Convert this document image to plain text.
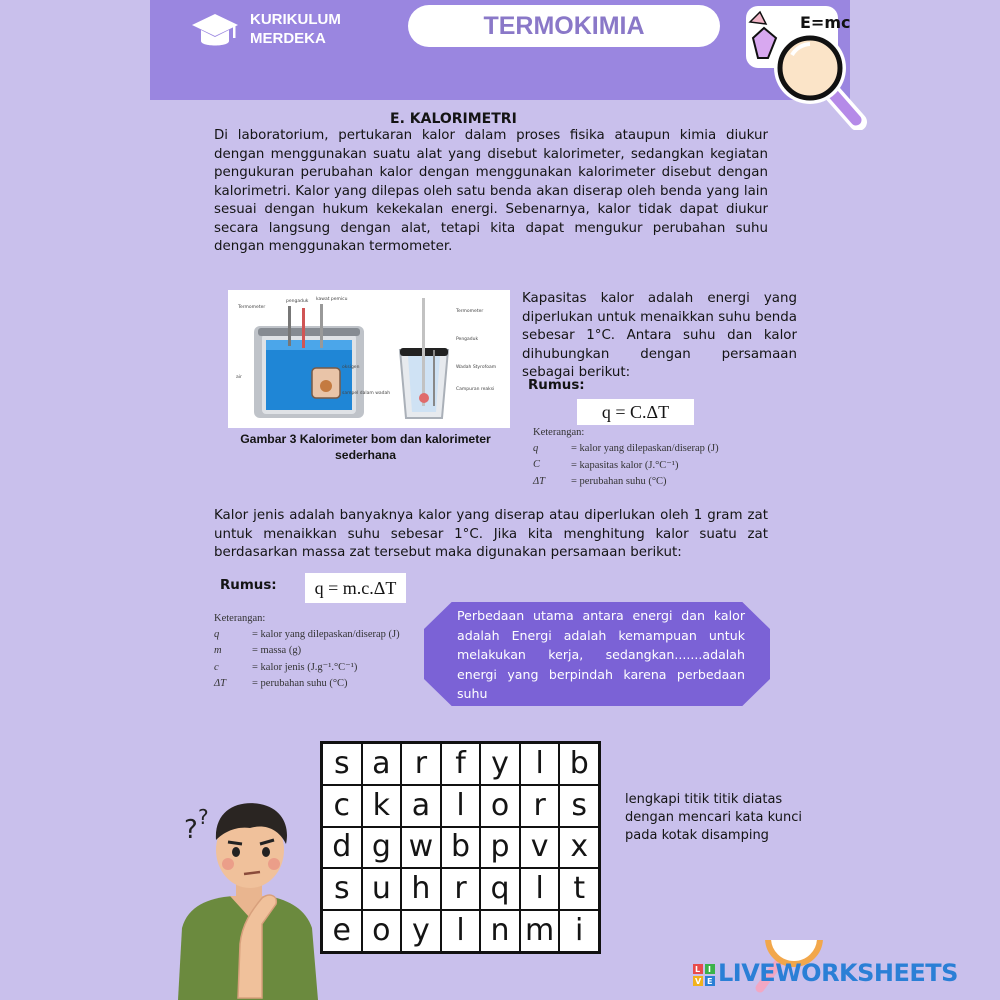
KURIKULUM
MERDEKA	TERMOKIMIA	E=mc
E. KALORIMETRI
Di laboratorium, pertukaran kalor dalam proses fisika ataupun kimia diukur dengan menggunakan suatu alat yang disebut kalorimeter, sedangkan kegiatan pengukuran perubahan kalor dengan menggunakan kalorimeter disebut dengan kalorimetri. Kalor yang dilepas oleh satu benda akan diserap oleh benda yang lain sesuai dengan hukum kekekalan energi. Sebenarnya, kalor tidak dapat diukur secara langsung dengan alat, tetapi kita dapat mengukur perubahan suhu dengan menggunakan termometer.
Termometer
pengaduk kawat pemicu
air
oksigen
sampel dalam wadah
Termometer
Pengaduk
Wadah Styrofoam
Campuran reaksi
Gambar 3 Kalorimeter bom dan kalorimeter sederhana
Kapasitas kalor adalah energi yang diperlukan untuk menaikkan suhu benda sebesar 1°C. Antara suhu dan kalor dihubungkan dengan persamaan sebagai berikut:
Rumus:
q = C.ΔT
Keterangan:
q	= kalor yang dilepaskan/diserap (J)
C	= kapasitas kalor (J.°C⁻¹)
ΔT	= perubahan suhu (°C)
Kalor jenis adalah banyaknya kalor yang diserap atau diperlukan oleh 1 gram zat untuk menaikkan suhu sebesar 1°C. Jika kita menghitung kalor suatu zat berdasarkan massa zat tersebut maka digunakan persamaan berikut:
Rumus:	q = m.c.ΔT
Keterangan:
q	= kalor yang dilepaskan/diserap (J)
m	= massa (g)
c	= kalor jenis (J.g⁻¹.°C⁻¹)
ΔT	= perubahan suhu (°C)
Perbedaan utama antara energi dan kalor adalah Energi adalah kemampuan untuk melakukan kerja, sedangkan.......adalah energi yang berpindah karena perbedaan suhu
s a r f y l b
c k a l o r s
d g w b p v x
s u h r q l t
e o y l n m i
lengkapi titik titik diatas dengan mencari kata kunci pada kotak disamping
? ?
L I
V E LIVEWORKSHEETS
